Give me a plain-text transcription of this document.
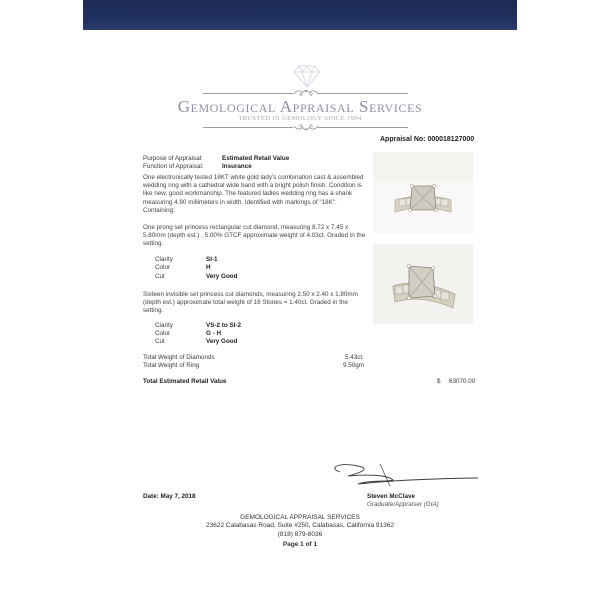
Gemological Appraisal Services
TRUSTED IN GEMOLOGY SINCE 1994
Appraisal No: 000018127000
Purpose of Appraisal:	Estimated Retail Value
Function of Appraisal:	Insurance
One electronically tested 18KT white gold lady's combination cast & assembled wedding ring with a cathedral wide band with a bright polish finish. Condition is like new, good workmanship. The featured ladies wedding ring has a shank measuring 4.90 millimeters in width. Identified with markings of "18K". Containing:
One prong set princess rectangular cut diamond, measuring 8.72 x 7.45 x 5.80mm (depth est.) , 5.00% GTCF approximate weight of 4.03ct. Graded in the setting.
Clarity	SI-1
Color	H
Cut	Very Good
Sixteen invisible set princess cut diamonds, measuring 2.50 x 2.40 x 1.80mm (depth est.) approximate total weight of 16 Stones = 1.40ct. Graded in the setting.
Clarity	VS-2 to SI-2
Color	G - H
Cut	Very Good
Total Weight of Diamonds	5.43ct.
Total Weight of Ring	9.50gm
Total Estimated Retail Value	$ 63070.00
Date: May 7, 2018	Steven McClave
Graduate/Appraiser (GIA)
GEMOLOGICAL APPRAISAL SERVICES
23622 Calabasas Road, Suite #250, Calabasas, California 91362
(818) 879-8036
Page 1 of 1
